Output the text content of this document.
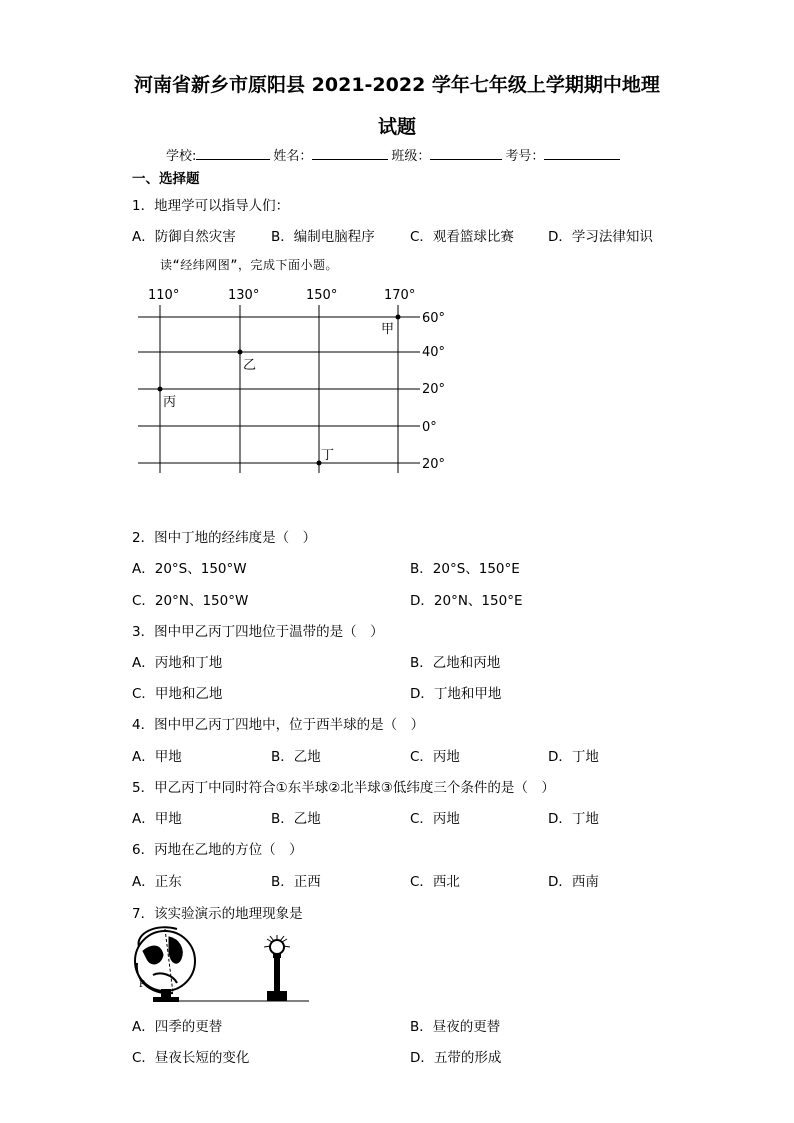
河南省新乡市原阳县 2021-2022 学年七年级上学期期中地理
试题
学校:	姓名：	班级：	考号：
一、选择题
1．地理学可以指导人们：
A．防御自然灾害	B．编制电脑程序	C．观看篮球比赛	D．学习法律知识
读“经纬网图”，完成下面小题。
110°	130°	150°	170°
60°
40°
20°
0°
20°
甲
乙
丙
丁
2．图中丁地的经纬度是（　）
A．20°S、150°W	B．20°S、150°E
C．20°N、150°W	D．20°N、150°E
3．图中甲乙丙丁四地位于温带的是（　）
A．丙地和丁地	B．乙地和丙地
C．甲地和乙地	D．丁地和甲地
4．图中甲乙丙丁四地中，位于西半球的是（　）
A．甲地	B．乙地	C．丙地	D．丁地
5．甲乙丙丁中同时符合①东半球②北半球③低纬度三个条件的是（　）
A．甲地	B．乙地	C．丙地	D．丁地
6．丙地在乙地的方位（　）
A．正东	B．正西	C．西北	D．西南
7．该实验演示的地理现象是
P
A．四季的更替	B．昼夜的更替
C．昼夜长短的变化	D．五带的形成
